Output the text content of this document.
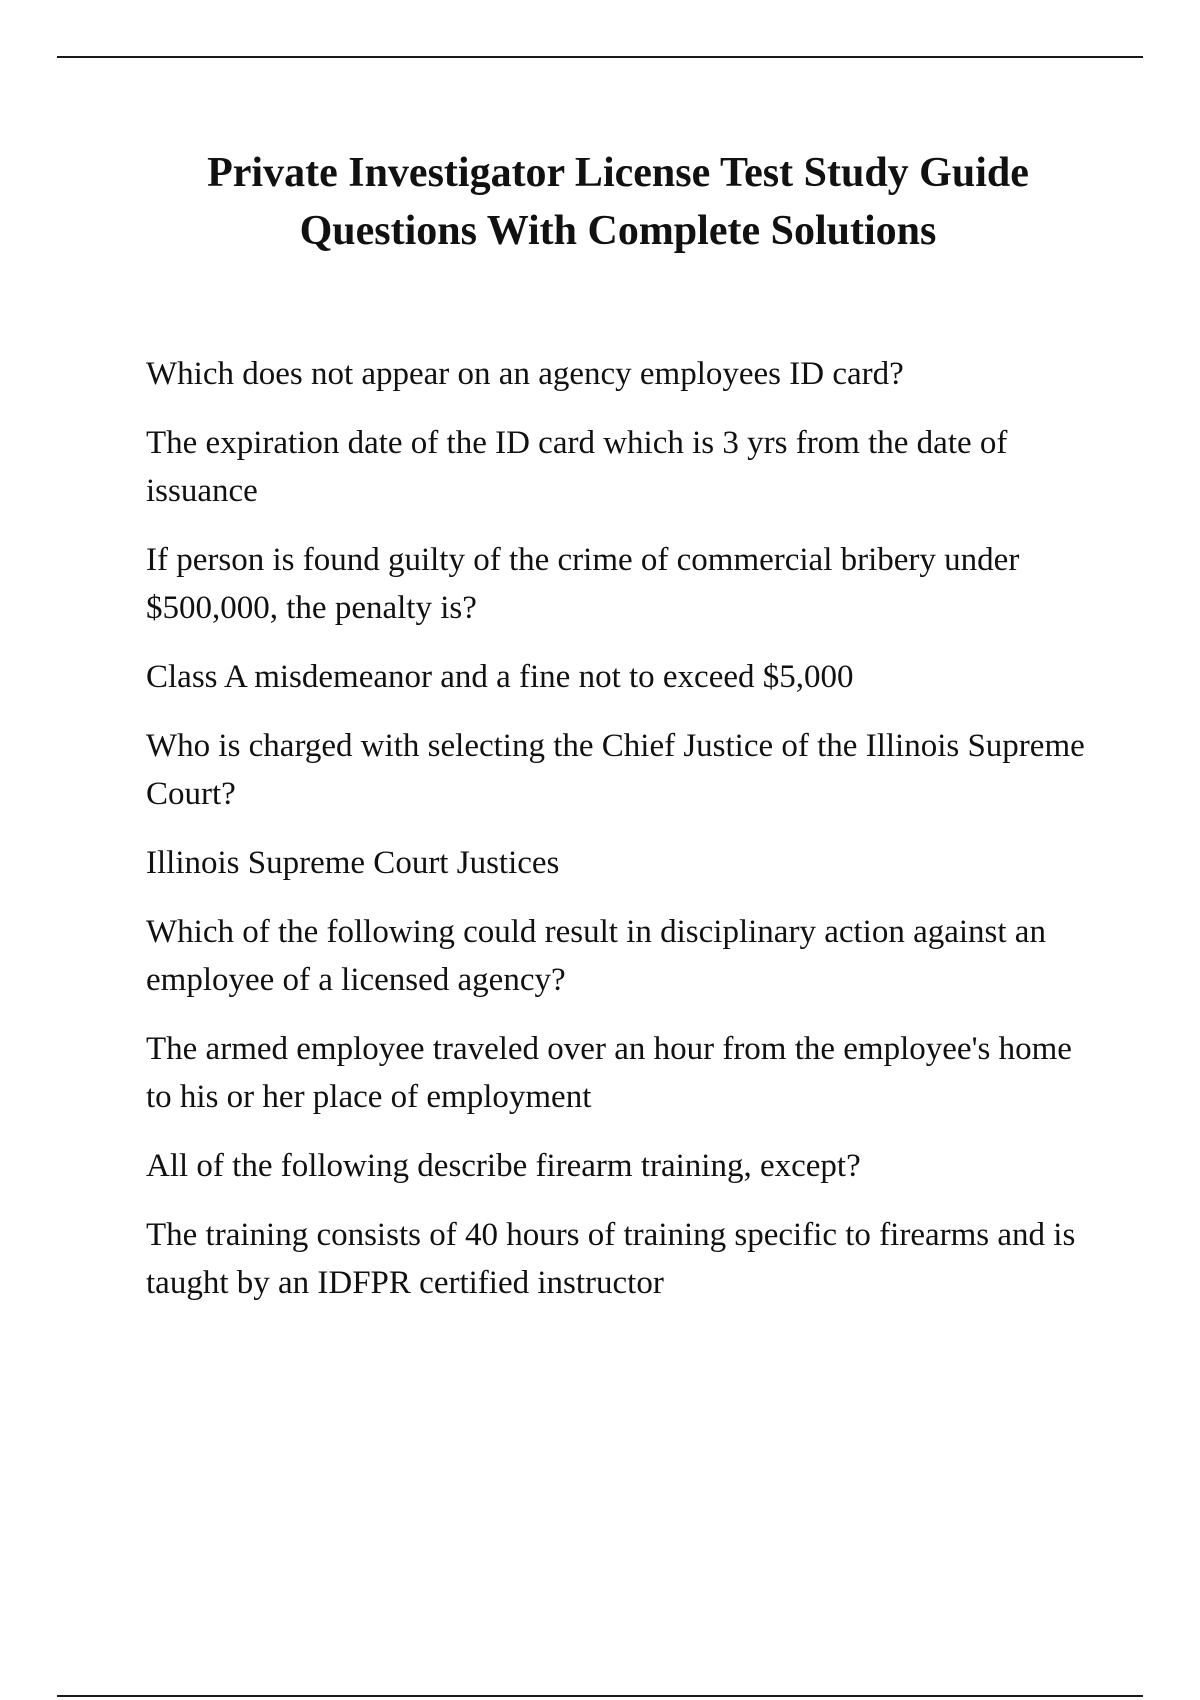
Private Investigator License Test Study Guide
Questions With Complete Solutions

Which does not appear on an agency employees ID card?

The expiration date of the ID card which is 3 yrs from the date of issuance

If person is found guilty of the crime of commercial bribery under $500,000, the penalty is?

Class A misdemeanor and a fine not to exceed $5,000

Who is charged with selecting the Chief Justice of the Illinois Supreme Court?

Illinois Supreme Court Justices

Which of the following could result in disciplinary action against an employee of a licensed agency?

The armed employee traveled over an hour from the employee's home to his or her place of employment

All of the following describe firearm training, except?

The training consists of 40 hours of training specific to firearms and is taught by an IDFPR certified instructor
